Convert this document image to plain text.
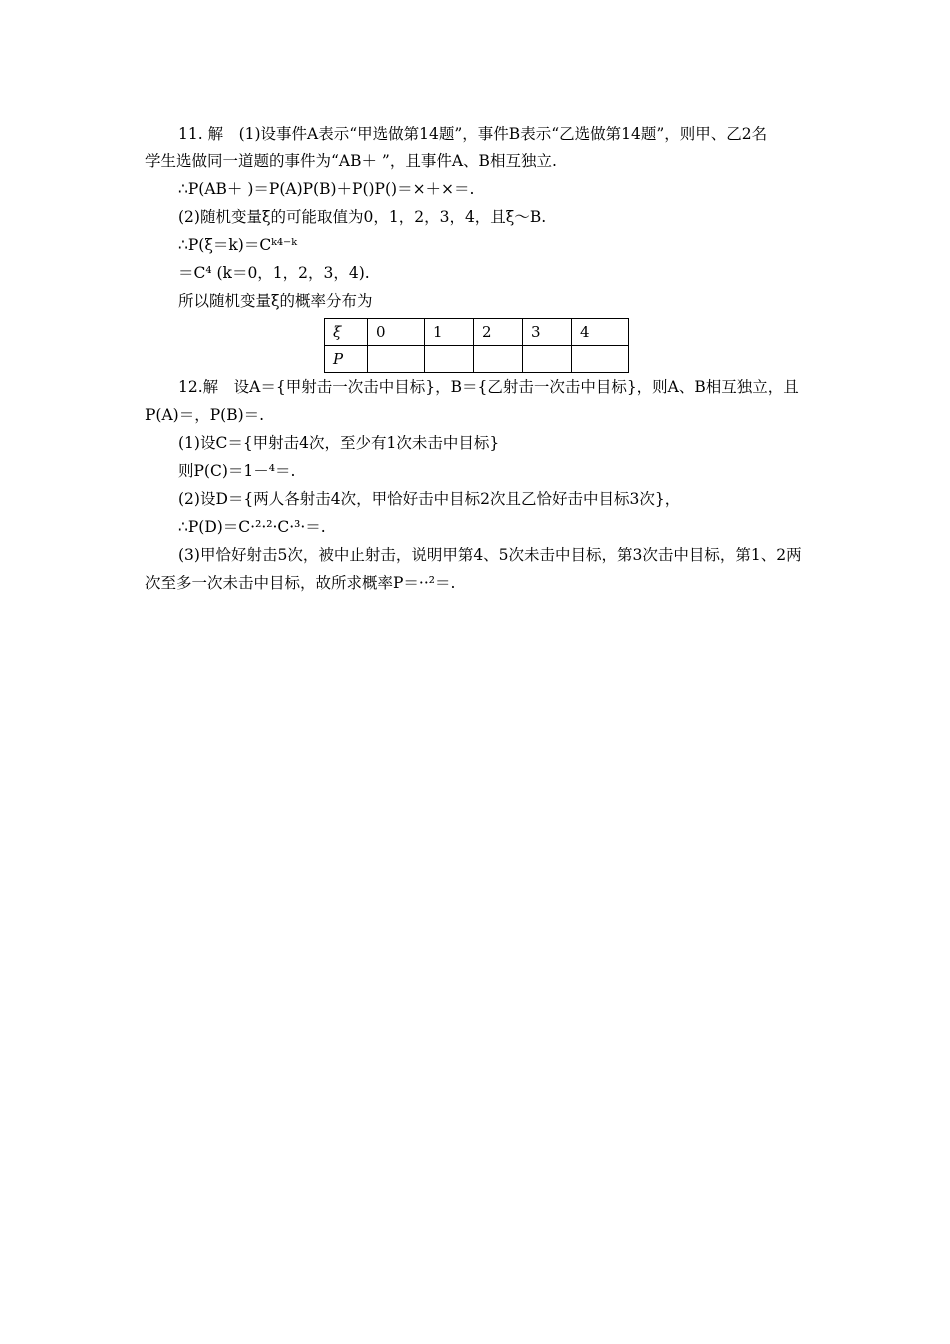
11. 解　(1)设事件A表示“甲选做第14题”，事件B表示“乙选做第14题”，则甲、乙2名
学生选做同一道题的事件为“AB＋ ”，且事件A、B相互独立.
∴P(AB＋ )＝P(A)P(B)＋P()P()＝×＋×＝.
(2)随机变量ξ的可能取值为0，1，2，3，4，且ξ～B.
∴P(ξ＝k)＝Cᵏ⁴⁻ᵏ
＝C⁴ (k＝0，1，2，3，4).
所以随机变量ξ的概率分布为
ξ	0	1	2	3	4
P					
12.解　设A＝{甲射击一次击中目标}，B＝{乙射击一次击中目标}，则A、B相互独立，且
P(A)＝，P(B)＝.
(1)设C＝{甲射击4次，至少有1次未击中目标}
则P(C)＝1－⁴＝.
(2)设D＝{两人各射击4次，甲恰好击中目标2次且乙恰好击中目标3次}，
∴P(D)＝C·²·²·C·³·＝.
(3)甲恰好射击5次，被中止射击，说明甲第4、5次未击中目标，第3次击中目标，第1、2两
次至多一次未击中目标，故所求概率P＝··²＝.
